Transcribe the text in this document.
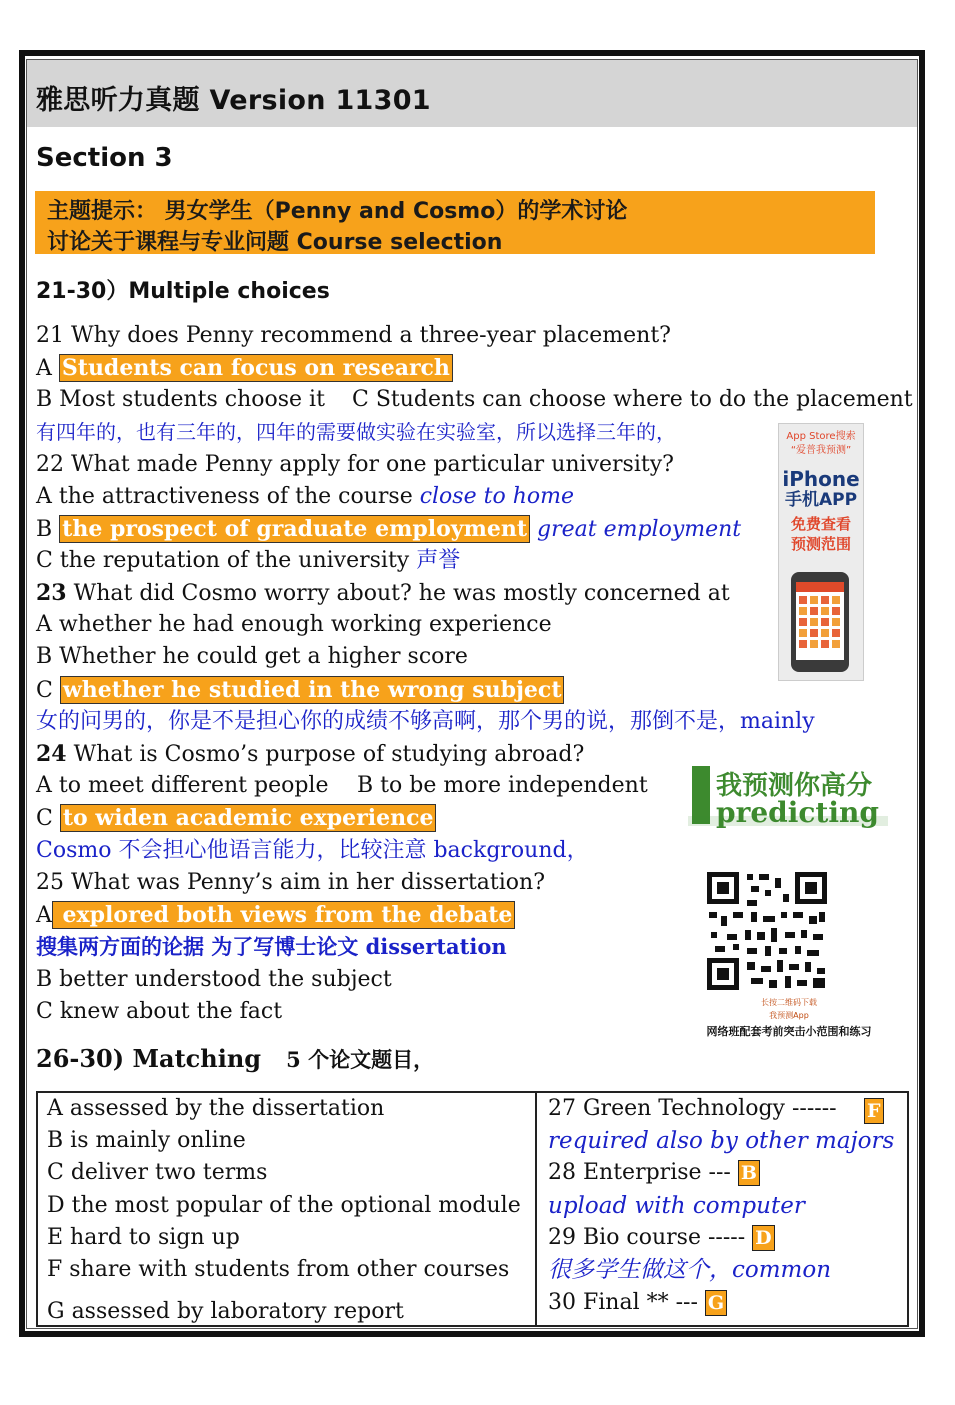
雅思听力真题 Version 11301
Section 3
主题提示： 男女学生（Penny and Cosmo）的学术讨论
讨论关于课程与专业问题 Course selection
21-30）Multiple choices
21 Why does Penny recommend a three-year placement?
A Students can focus on research
B Most students choose it C Students can choose where to do the placement
有四年的，也有三年的，四年的需要做实验在实验室，所以选择三年的，
22 What made Penny apply for one particular university?
A the attractiveness of the course close to home
B the prospect of graduate employment great employment
C the reputation of the university 声誉
23 What did Cosmo worry about? he was mostly concerned at
A whether he had enough working experience
B Whether he could get a higher score
C whether he studied in the wrong subject
女的问男的，你是不是担心你的成绩不够高啊，那个男的说，那倒不是，mainly
24 What is Cosmo’s purpose of studying abroad?
A to meet different people B to be more independent
C to widen academic experience
Cosmo 不会担心他语言能力，比较注意 background，
25 What was Penny’s aim in her dissertation?
A explored both views from the debate
搜集两方面的论据 为了写博士论文 dissertation
B better understood the subject
C knew about the fact
App Store搜索
“爱普我预测”
iPhone
手机APP
免费查看
预测范围
我预测你高分
predicting
长按二维码下载
我预测App
网络班配套考前突击小范围和练习
26-30) Matching 5 个论文题目，
A assessed by the dissertation
B is mainly online
C deliver two terms
D the most popular of the optional module
E hard to sign up
F share with students from other courses
G assessed by laboratory report
27 Green Technology ------ F
required also by other majors
28 Enterprise --- B
upload with computer
29 Bio course ----- D
很多学生做这个，common
30 Final ** --- G
